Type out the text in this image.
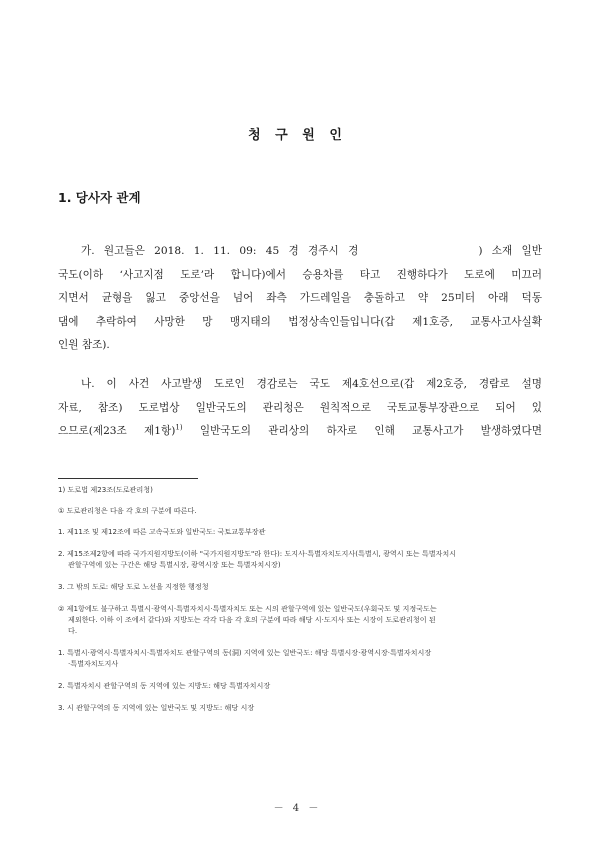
청 구 원 인
1. 당사자 관계
가. 원고들은 2018. 1. 11. 09: 45 경 경주시 경	) 소재 일반
국도(이하 ‘사고지점 도로’라 합니다)에서 승용차를 타고 진행하다가 도로에 미끄러
지면서 균형을 잃고 중앙선을 넘어 좌측 가드레일을 충돌하고 약 25미터 아래 덕동
댐에 추락하여 사망한 망 맹지태의 법정상속인들입니다(갑 제1호증, 교통사고사실확
인원 참조).
나. 이 사건 사고발생 도로인 경감로는 국도 제4호선으로(갑 제2호증, 경람로 설명
자료, 참조) 도로법상 일반국도의 관리청은 원칙적으로 국토교통부장관으로 되어 있
으므로(제23조 제1항)$^{1)}$ 일반국도의 관리상의 하자로 인해 교통사고가 발생하였다면
1) 도로법 제23조(도로관리청)
① 도로관리청은 다음 각 호의 구분에 따른다.
1. 제11조 및 제12조에 따른 고속국도와 일반국도: 국토교통부장관
2. 제15조제2항에 따라 국가지원지방도(이하 "국가지원지방도"라 한다): 도지사·특별자치도지사(특별시, 광역시 또는 특별자치시
관할구역에 있는 구간은 해당 특별시장, 광역시장 또는 특별자치시장)
3. 그 밖의 도로: 해당 도로 노선을 지정한 행정청
② 제1항에도 불구하고 특별시·광역시·특별자치시·특별자치도 또는 시의 관할구역에 있는 일반국도(우회국도 및 지정국도는
제외한다. 이하 이 조에서 같다)와 지방도는 각각 다음 각 호의 구분에 따라 해당 시·도지사 또는 시장이 도로관리청이 된
다.
1. 특별시·광역시·특별자치시·특별자치도 관할구역의 동(洞) 지역에 있는 일반국도: 해당 특별시장·광역시장·특별자치시장
·특별자치도지사
2. 특별자치시 관할구역의 동 지역에 있는 지방도: 해당 특별자치시장
3. 시 관할구역의 동 지역에 있는 일반국도 및 지방도: 해당 시장
－ 4 －
